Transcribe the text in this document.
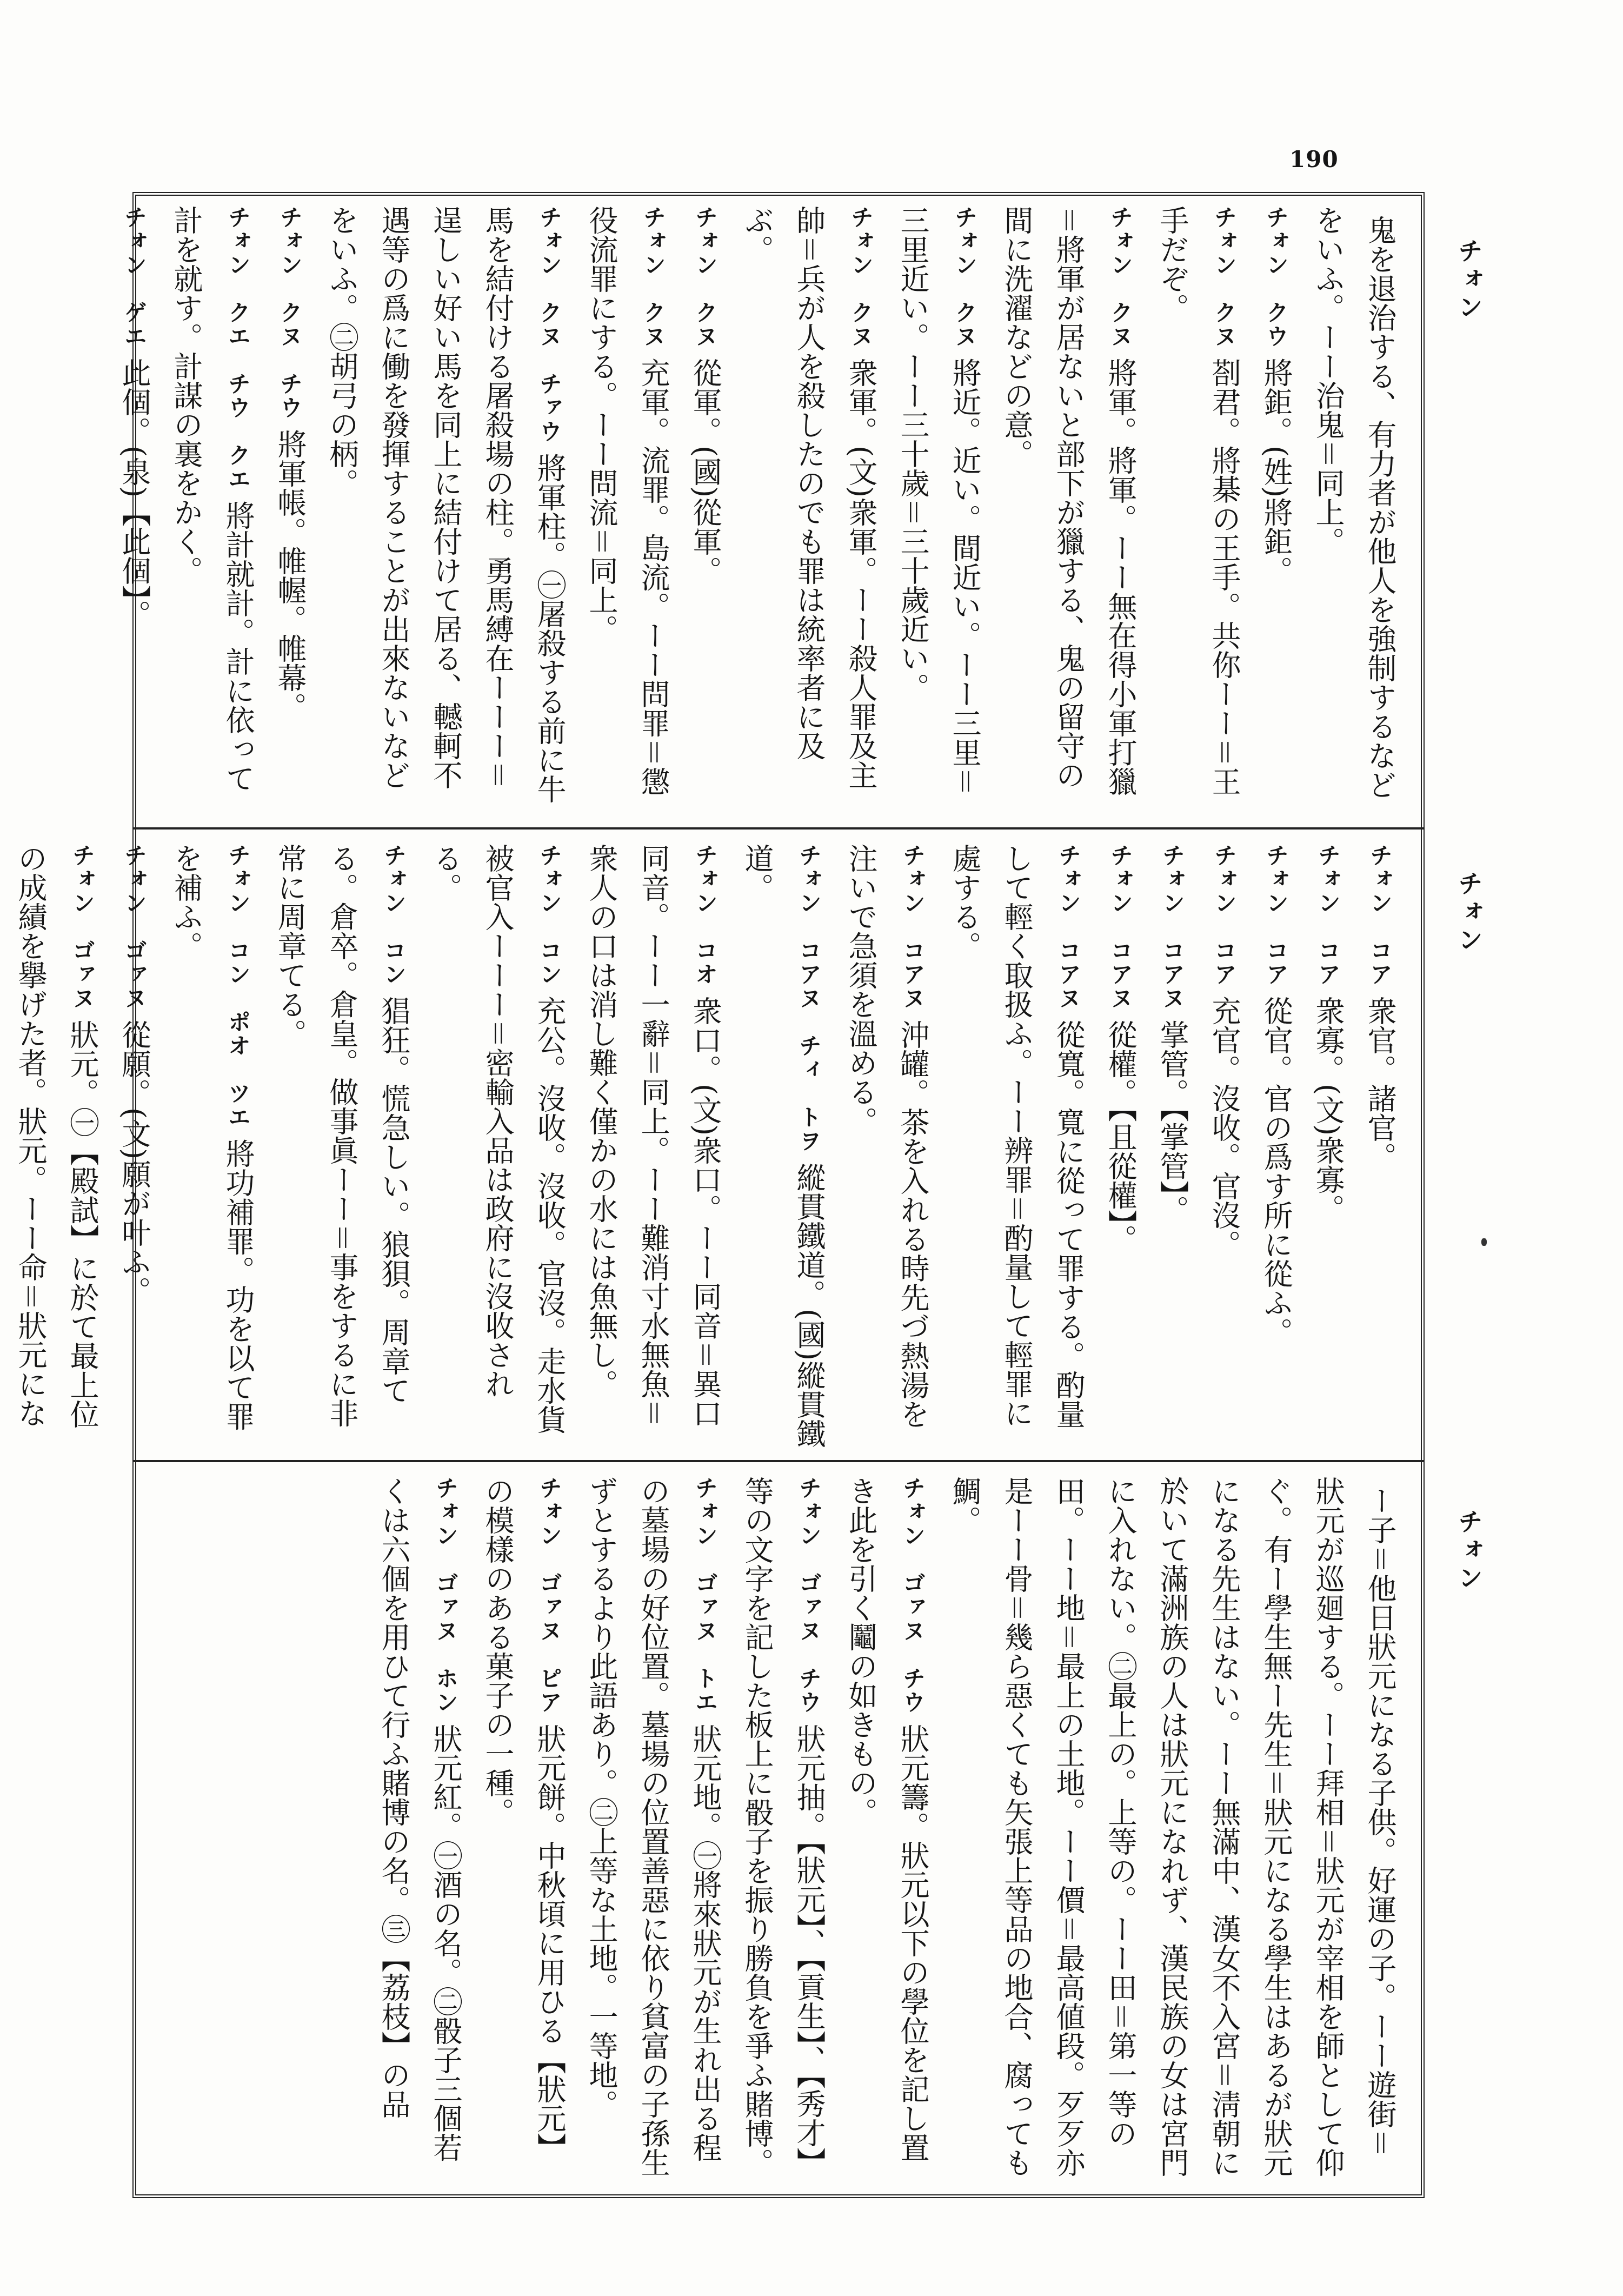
190
チォン
チォン
チォン

鬼を退治する、有力者が他人を強制するなどをいふ。ーー治鬼＝同上。

チォン　クウ將鉅。(姓)將鉅。

チォン　クヌ剳君。將棊の王手。共你ーー＝王手だぞ。

チォン　クヌ將軍。將軍。ーー無在得小軍打獵＝將軍が居ないと部下が獵する、鬼の留守の間に洗濯などの意。

チォン　クヌ將近。近い。間近い。ーー三里＝三里近い。ーー三十歲＝三十歲近い。

チォン　クヌ衆軍。(文)衆軍。ーー殺人罪及主帥＝兵が人を殺したのでも罪は統率者に及ぶ。

チォン　クヌ從軍。(國)從軍。

チォン　クヌ充軍。流罪。島流。ーー問罪＝懲役流罪にする。ーー問流＝同上。

チォン　クヌ　チァウ將軍柱。㊀屠殺する前に牛馬を結付ける屠殺場の柱。勇馬縛在ーーー＝逞しい好い馬を同上に結付けて居る、轗軻不遇等の爲に働を發揮することが出來ないなどをいふ。㊁胡弓の柄。

チォン　クヌ　チウ將軍帳。帷幄。帷幕。

チォン　クエ　チウ　クエ將計就計。計に依って計を就す。計謀の裏をかく。

チォン　ゲエ此個。(泉)【此個】。

チォン　コア衆官。諸官。

チォン　コア衆寡。(文)衆寡。

チォン　コア從官。官の爲す所に從ふ。

チォン　コア充官。沒收。官沒。

チォン　コアヌ掌管。【掌管】。

チォン　コアヌ從權。【且從權】。

チォン　コアヌ從寬。寬に從って罪する。酌量して輕く取扱ふ。ーー辨罪＝酌量して輕罪に處する。

チォン　コアヌ沖罐。茶を入れる時先づ熱湯を注いで急須を溫める。

チォン　コアヌ　チィ　トヲ縱貫鐵道。(國)縱貫鐵道。

チォン　コオ衆口。(文)衆口。ーー同音＝異口同音。ーー一辭＝同上。ーー難消寸水無魚＝衆人の口は消し難く僅かの水には魚無し。

チォン　コン充公。沒收。沒收。官沒。走水貨被官入ーーー＝密輸入品は政府に沒收される。

チォン　コン猖狂。慌急しい。狼狽。周章てる。倉卒。倉皇。做事眞ーー＝事をするに非常に周章てる。

チォン　コン　ポオ　ツエ將功補罪。功を以て罪を補ふ。

チォン　ゴァヌ從願。(文)願が叶ふ。

チォン　ゴァヌ狀元。㊀【殿試】に於て最上位の成績を擧げた者。狀元。ーー命＝狀元にな

ー子＝他日狀元になる子供。好運の子。ーー遊街＝狀元が巡廻する。ーー拜相＝狀元が宰相を師として仰ぐ。有ー學生無ー先生＝狀元になる學生はあるが狀元になる先生はない。ーー無滿中、漢女不入宮＝淸朝に於いて滿洲族の人は狀元になれず、漢民族の女は宮門に入れない。㊁最上の。上等の。ーー田＝第一等の田。ーー地＝最上の土地。ーー價＝最高値段。歹歹亦是ーー骨＝幾ら惡くても矢張上等品の地合、腐っても鯛。

チォン　ゴァヌ　チウ狀元籌。狀元以下の學位を記し置き此を引く鬮の如きもの。

チォン　ゴァヌ　チウ狀元抽。【狀元】、【貢生】、【秀才】等の文字を記した板上に骰子を振り勝負を爭ふ賭博。

チォン　ゴァヌ　トエ狀元地。㊀將來狀元が生れ出る程の墓場の好位置。墓場の位置善惡に依り貧富の子孫生ずとするより此語あり。㊁上等な土地。一等地。

チォン　ゴァヌ　ピア狀元餅。中秋頃に用ひる【狀元】の模樣のある菓子の一種。

チォン　ゴァヌ　ホン狀元紅。㊀酒の名。㊁骰子三個若くは六個を用ひて行ふ賭博の名。㊂【荔枝】の品
